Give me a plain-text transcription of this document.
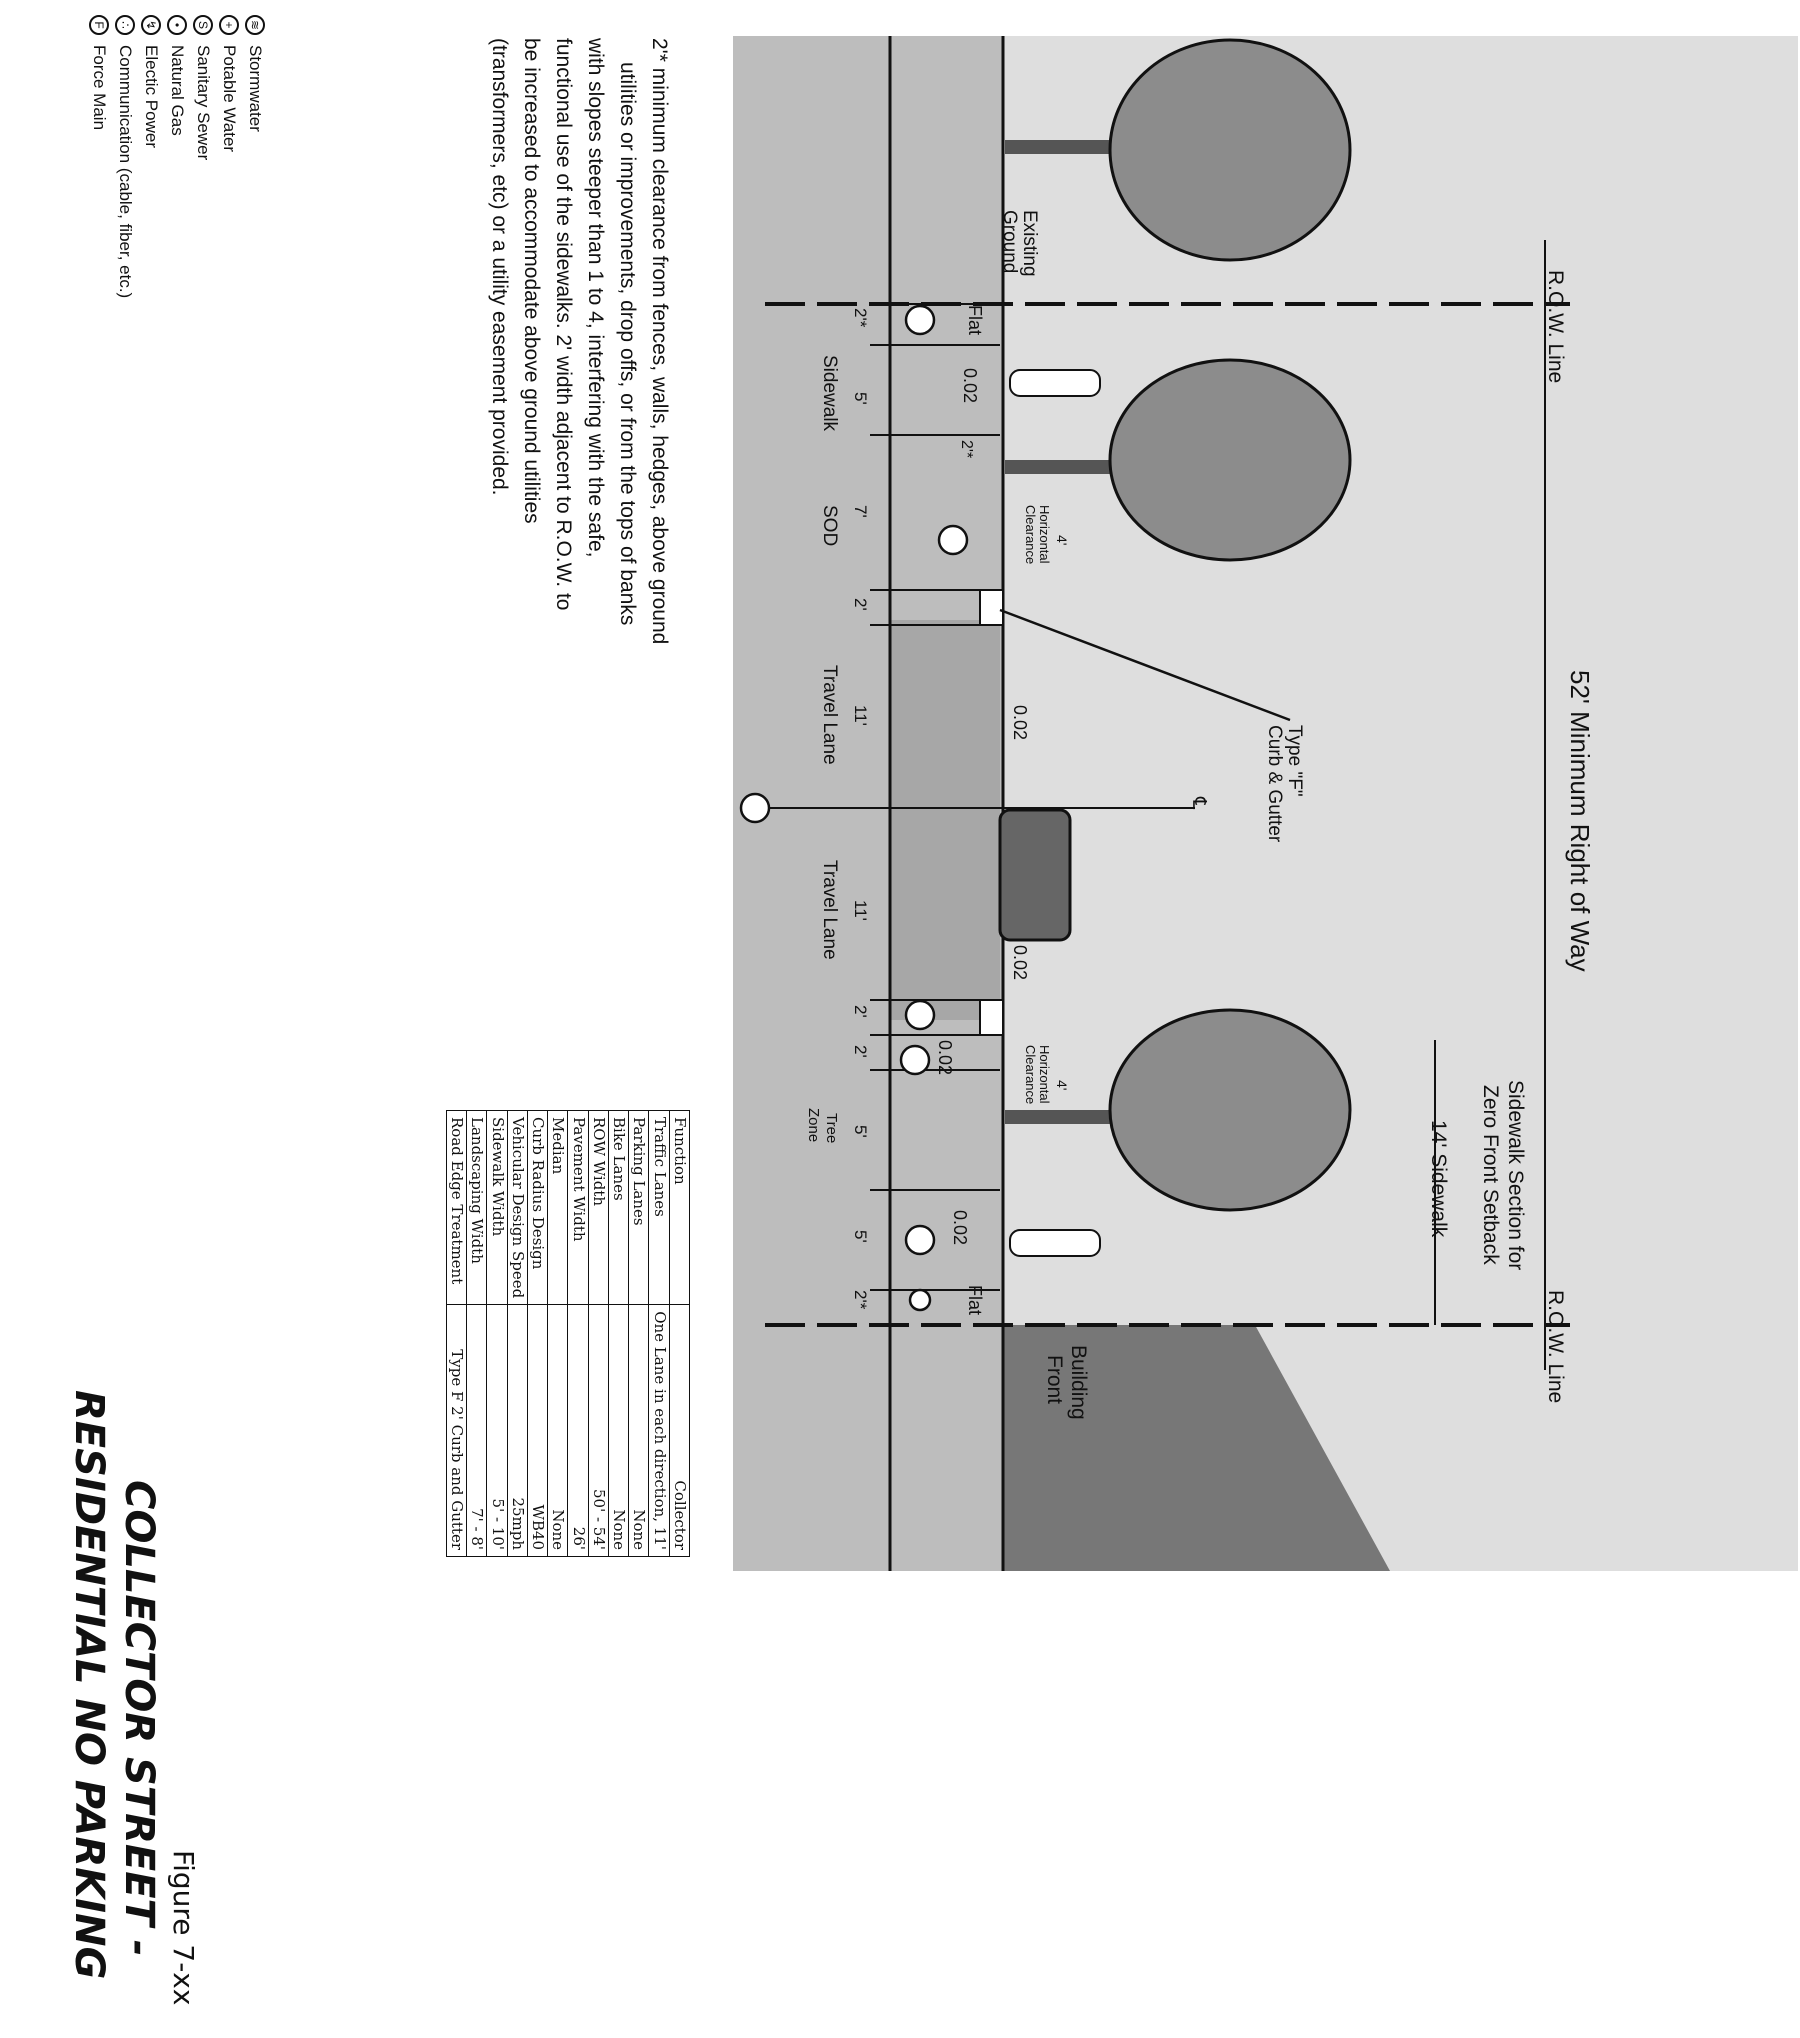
R.O.W. Line
R.O.W. Line
52' Minimum Right of Way
Sidewalk Section for
Zero Front Setback
14' Sidewalk
Building
Front
Existing
Ground
Flat
Flat
0.02
0.02
0.02
0.02
0.02
2'*
4'
Horizontal
Clearance
4'
Horizontal
Clearance
Type "F"
Curb & Gutter
℄
2'*
5'
7'
2'
11'
11'
2'
2'
5'
5'
2'*
Sidewalk
SOD
Travel Lane
Travel Lane
Tree
Zone
2'* minimum clearance from fences, walls, hedges, above ground
utilities or improvements, drop offs, or from the tops of banks
with slopes steeper than 1 to 4, interfering with the safe,
functional use of the sidewalks. 2' width adjacent to R.O.W. to
be increased to accommodate above ground utilities
(transformers, etc) or a utility easement provided.
Function	Collector
Traffic Lanes	One Lane in each direction, 11'
Parking Lanes	None
Bike Lanes	None
ROW Width	50' - 54'
Pavement Width	26'
Median	None
Curb Radius Design	WB40
Vehicular Design Speed	25mph
Sidewalk Width	5' - 10'
Landscaping Width	7' - 8'
Road Edge Treatment	Type F 2' Curb and Gutter
≋
Stormwater
+
Potable Water
S
Sanitary Sewer
•
Natural Gas
↯
Electic Power
∴
Communication (cable, fiber, etc.)
F
Force Main
Figure 7-xx
COLLECTOR STREET -
RESIDENTIAL NO PARKING
